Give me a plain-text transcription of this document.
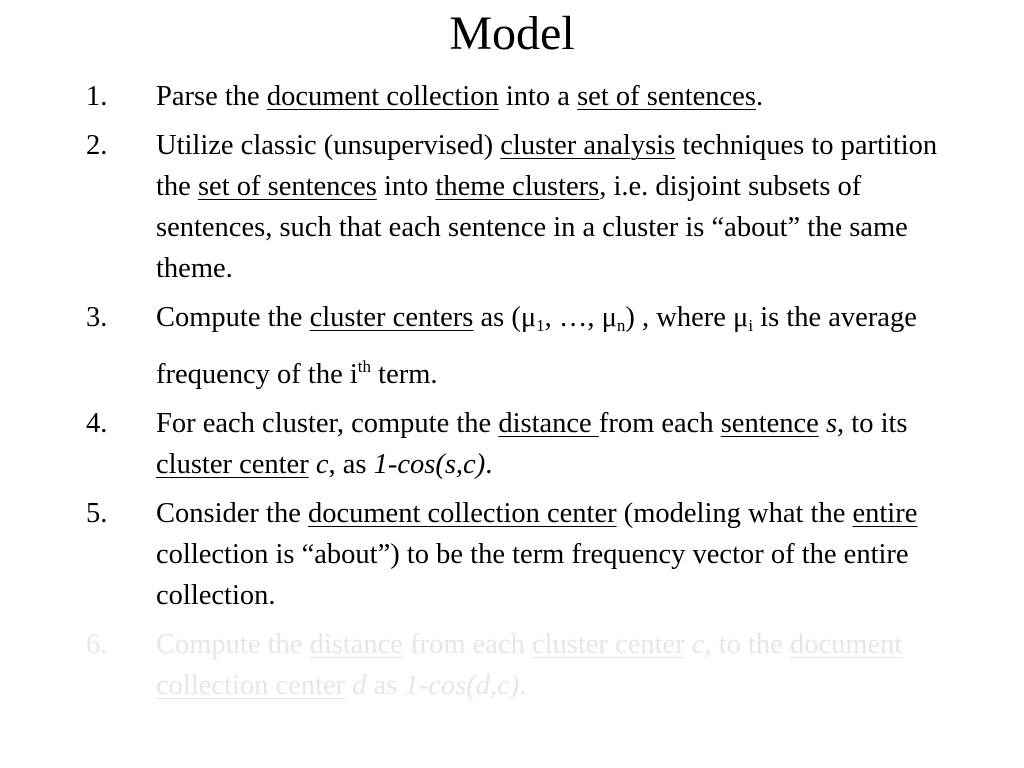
Model
1. Parse the document collection into a set of sentences.
2. Utilize classic (unsupervised) cluster analysis techniques to partition the set of sentences into theme clusters, i.e. disjoint subsets of sentences, such that each sentence in a cluster is “about” the same theme.
3. Compute the cluster centers as ($\mu_1$, …, $\mu_n$) , where $\mu_i$ is the average frequency of the $i^{th}$ term.
4. For each cluster, compute the distance from each sentence s, to its cluster center c, as 1-cos(s,c).
5. Consider the document collection center (modeling what the entire collection is “about”) to be the term frequency vector of the entire collection.
6. Compute the distance from each cluster center c, to the document collection center d as 1-cos(d,c).
